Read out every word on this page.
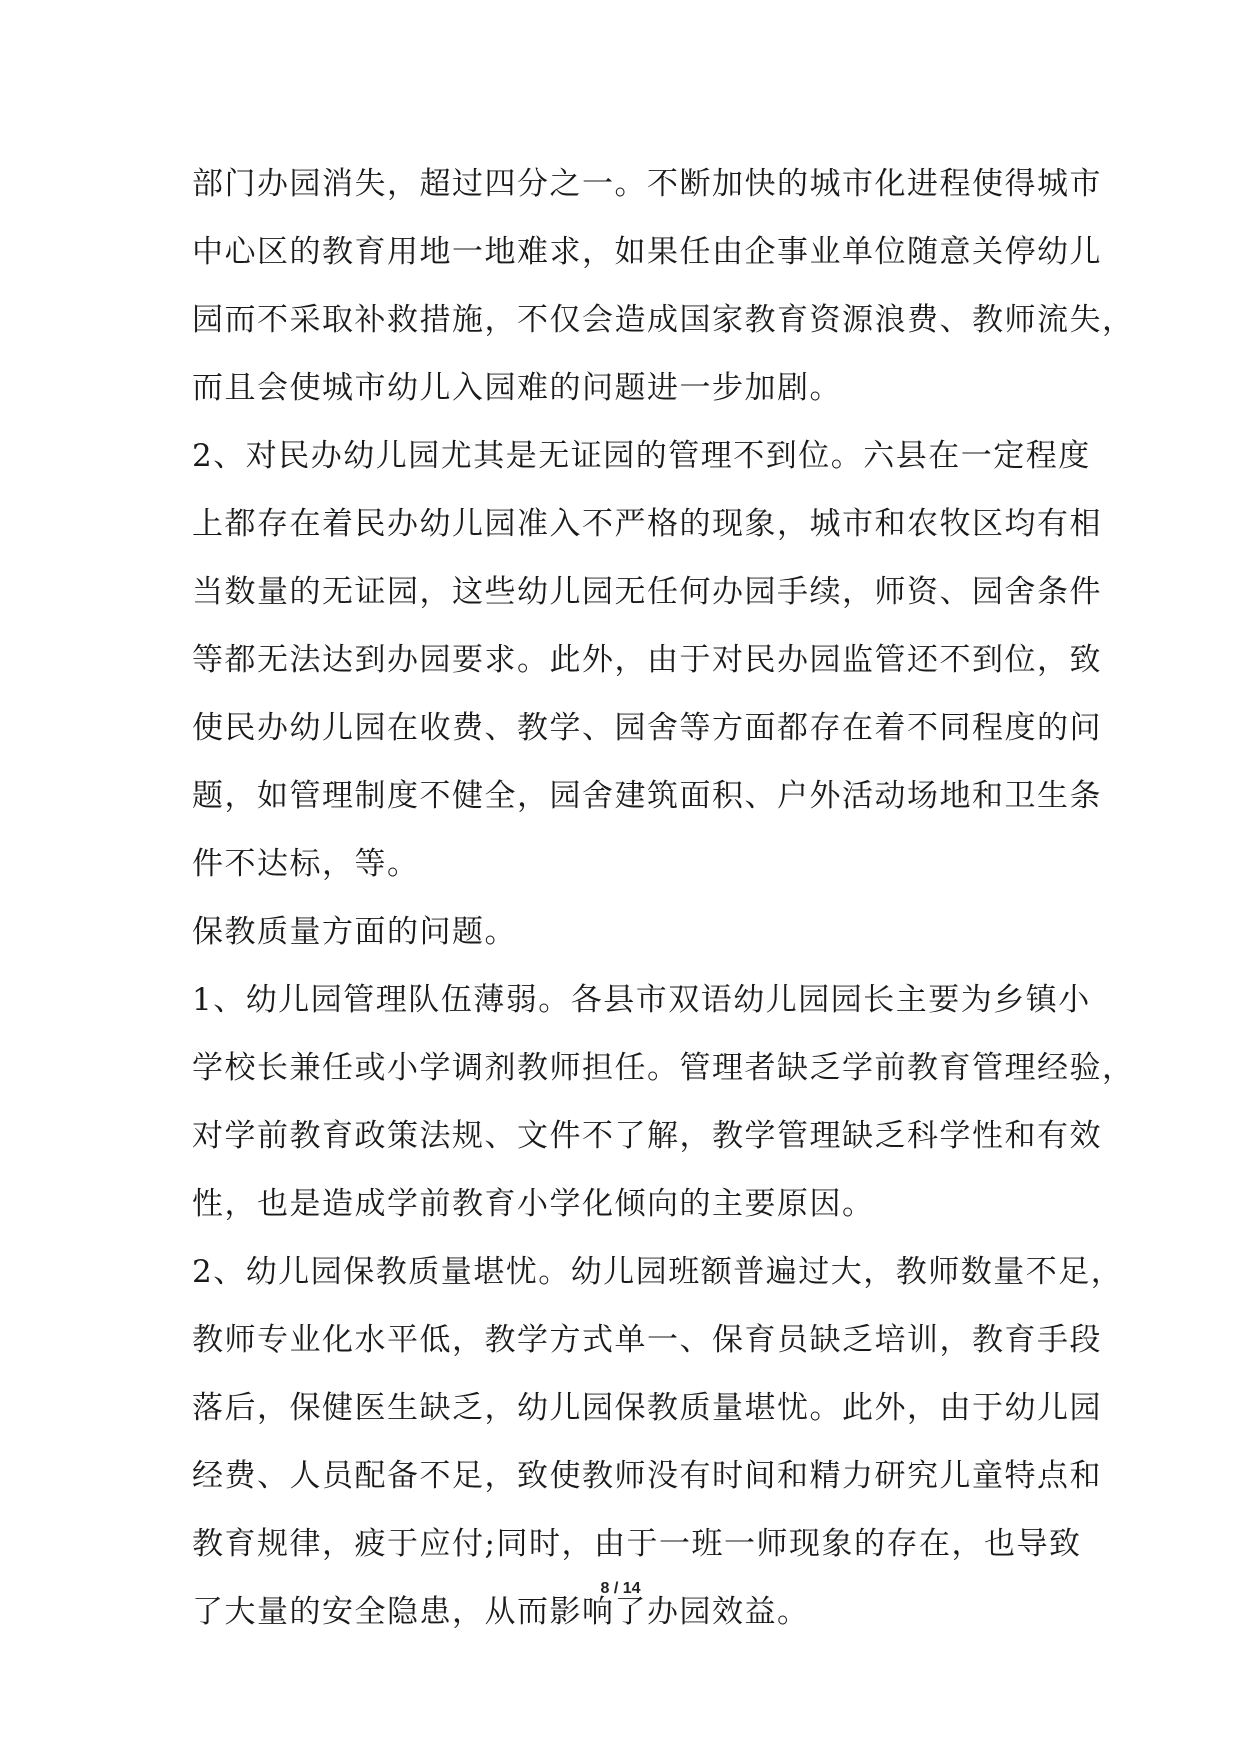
部门办园消失，超过四分之一。不断加快的城市化进程使得城市
中心区的教育用地一地难求，如果任由企事业单位随意关停幼儿
园而不采取补救措施，不仅会造成国家教育资源浪费、教师流失，
而且会使城市幼儿入园难的问题进一步加剧。
2、对民办幼儿园尤其是无证园的管理不到位。六县在一定程度
上都存在着民办幼儿园准入不严格的现象，城市和农牧区均有相
当数量的无证园，这些幼儿园无任何办园手续，师资、园舍条件
等都无法达到办园要求。此外，由于对民办园监管还不到位，致
使民办幼儿园在收费、教学、园舍等方面都存在着不同程度的问
题，如管理制度不健全，园舍建筑面积、户外活动场地和卫生条
件不达标，等。
保教质量方面的问题。
1、幼儿园管理队伍薄弱。各县市双语幼儿园园长主要为乡镇小
学校长兼任或小学调剂教师担任。管理者缺乏学前教育管理经验，
对学前教育政策法规、文件不了解，教学管理缺乏科学性和有效
性，也是造成学前教育小学化倾向的主要原因。
2、幼儿园保教质量堪忧。幼儿园班额普遍过大，教师数量不足，
教师专业化水平低，教学方式单一、保育员缺乏培训，教育手段
落后，保健医生缺乏，幼儿园保教质量堪忧。此外，由于幼儿园
经费、人员配备不足，致使教师没有时间和精力研究儿童特点和
教育规律，疲于应付;同时，由于一班一师现象的存在，也导致
了大量的安全隐患，从而影响了办园效益。
8 / 14
